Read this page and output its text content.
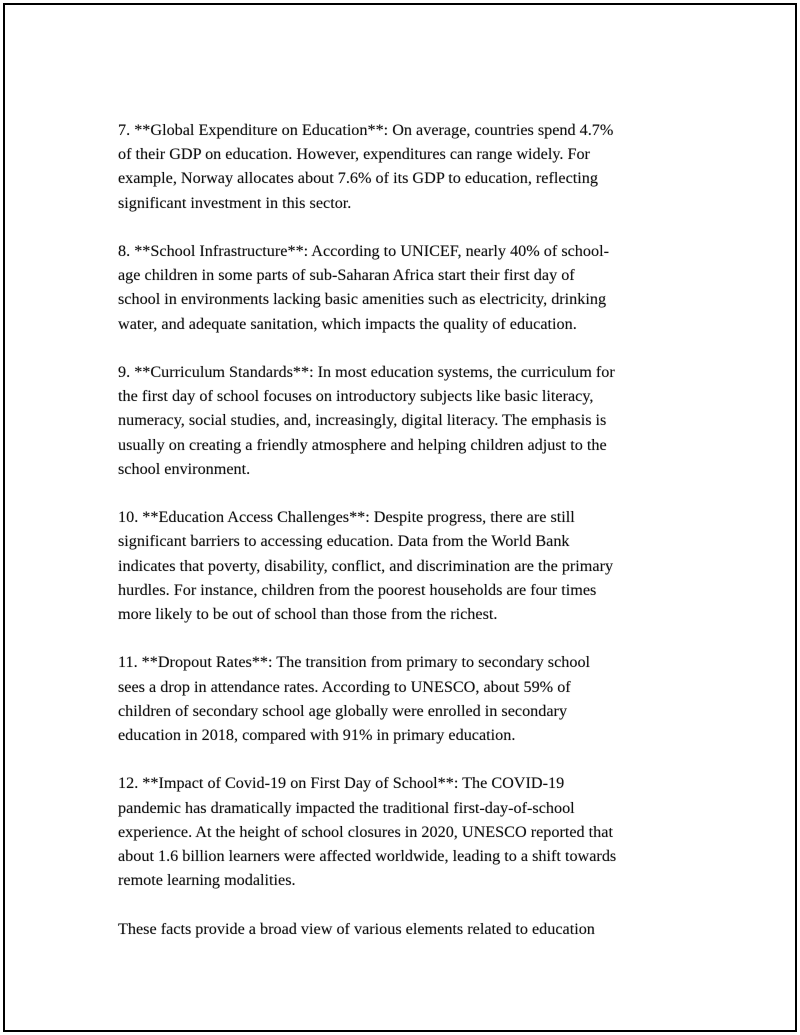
7. **Global Expenditure on Education**: On average, countries spend 4.7%
of their GDP on education. However, expenditures can range widely. For
example, Norway allocates about 7.6% of its GDP to education, reflecting
significant investment in this sector.

8. **School Infrastructure**: According to UNICEF, nearly 40% of school-
age children in some parts of sub-Saharan Africa start their first day of
school in environments lacking basic amenities such as electricity, drinking
water, and adequate sanitation, which impacts the quality of education.

9. **Curriculum Standards**: In most education systems, the curriculum for
the first day of school focuses on introductory subjects like basic literacy,
numeracy, social studies, and, increasingly, digital literacy. The emphasis is
usually on creating a friendly atmosphere and helping children adjust to the
school environment.

10. **Education Access Challenges**: Despite progress, there are still
significant barriers to accessing education. Data from the World Bank
indicates that poverty, disability, conflict, and discrimination are the primary
hurdles. For instance, children from the poorest households are four times
more likely to be out of school than those from the richest.

11. **Dropout Rates**: The transition from primary to secondary school
sees a drop in attendance rates. According to UNESCO, about 59% of
children of secondary school age globally were enrolled in secondary
education in 2018, compared with 91% in primary education.

12. **Impact of Covid-19 on First Day of School**: The COVID-19
pandemic has dramatically impacted the traditional first-day-of-school
experience. At the height of school closures in 2020, UNESCO reported that
about 1.6 billion learners were affected worldwide, leading to a shift towards
remote learning modalities.

These facts provide a broad view of various elements related to education
